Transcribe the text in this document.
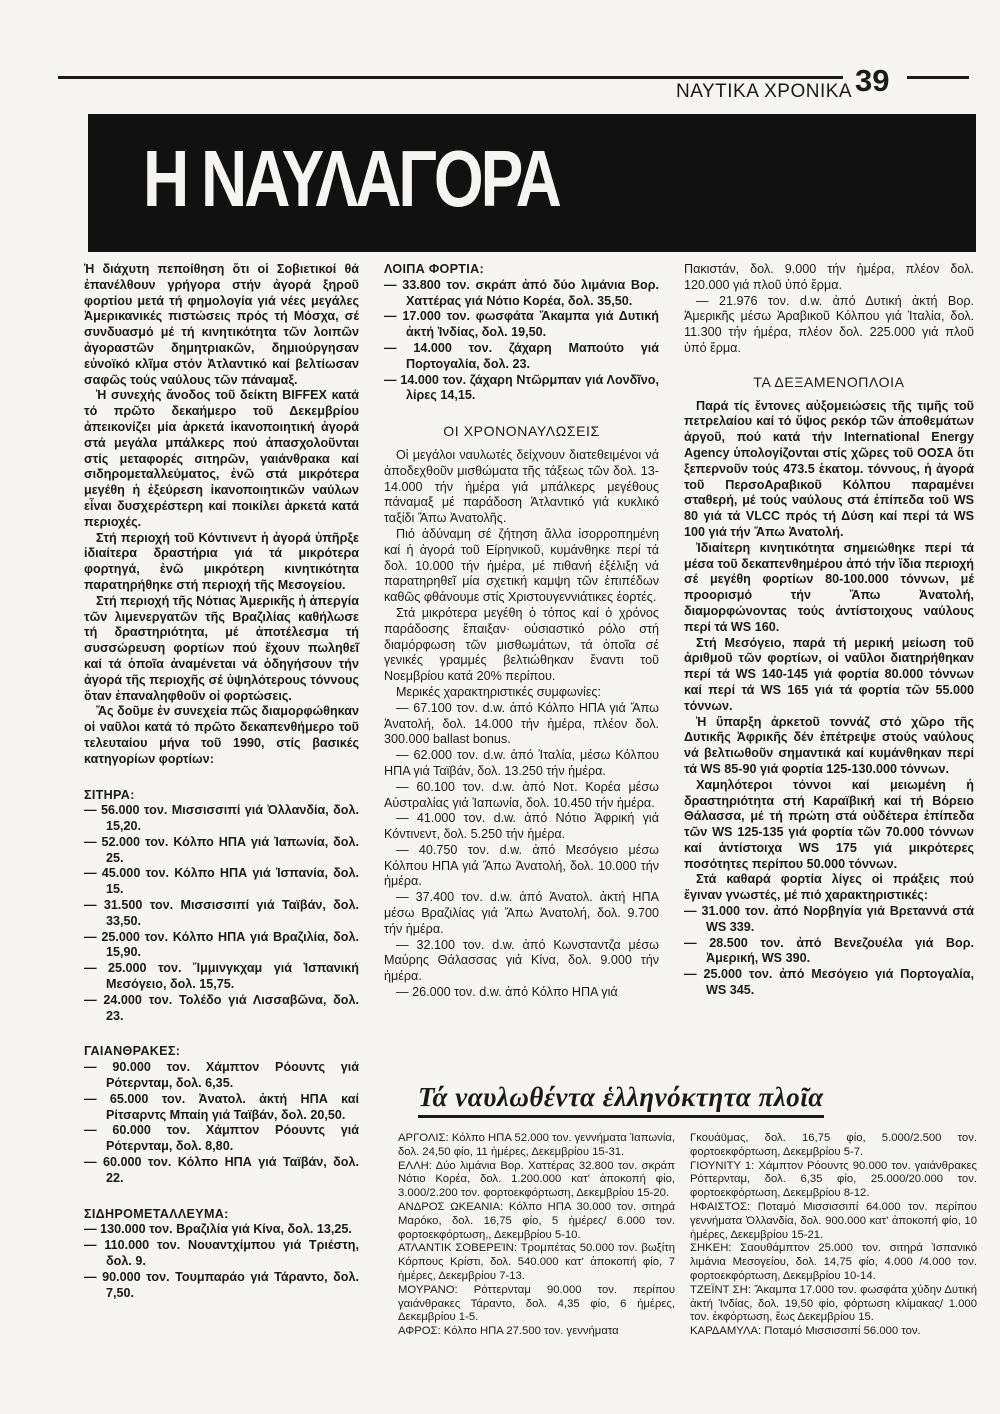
ΝΑΥΤΙΚΑ ΧΡΟΝΙΚΑ 39
Η ΝΑΥΛΑΓΟΡΑ

Ἡ διάχυτη πεποίθηση ὅτι οἱ Σοβιετικοί θά ἐπανέλθουν γρήγορα στήν ἀγορά ξηροῦ φορτίου μετά τή φημολογία γιά νέες μεγάλες Ἀμερικανικές πιστώσεις πρός τή Μόσχα, σέ συνδυασμό μέ τή κινητικότητα τῶν λοιπῶν ἀγοραστῶν δημητριακῶν, δημιούργησαν εὐνοϊκό κλῖμα στόν Ἀτλαντικό καί βελτίωσαν σαφῶς τούς ναύλους τῶν πάναμαξ.

Ἡ συνεχής ἄνοδος τοῦ δείκτη BIFFEX κατά τό πρῶτο δεκαήμερο τοῦ Δεκεμβρίου ἀπεικονίζει μία ἀρκετά ἱκανοποιητική ἀγορά στά μεγάλα μπάλκερς πού ἀπασχολοῦνται στίς μεταφορές σιτηρῶν, γαιάνθρακα καί σιδηρομεταλλεύματος, ἐνῶ στά μικρότερα μεγέθη ἡ ἐξεύρεση ἱκανοποιητικῶν ναύλων εἶναι δυσχερέστερη καί ποικίλει ἀρκετά κατά περιοχές.

Στή περιοχή τοῦ Κόντινεντ ἡ ἀγορά ὑπῆρξε ἰδιαίτερα δραστήρια γιά τά μικρότερα φορτηγά, ἐνῶ μικρότερη κινητικότητα παρατηρήθηκε στή περιοχή τῆς Μεσογείου.

Στή περιοχή τῆς Νότιας Ἀμερικῆς ἡ ἀπεργία τῶν λιμενεργατῶν τῆς Βραζιλίας καθήλωσε τή δραστηριότητα, μέ ἀποτέλεσμα τή συσσώρευση φορτίων πού ἔχουν πωληθεῖ καί τά ὁποῖα ἀναμένεται νά ὁδηγήσουν τήν ἀγορά τῆς περιοχῆς σέ ὑψηλότερους τόννους ὅταν ἐπαναληφθοῦν οἱ φορτώσεις.

Ἄς δοῦμε ἐν συνεχεία πῶς διαμορφώθηκαν οἱ ναῦλοι κατά τό πρῶτο δεκαπενθήμερο τοῦ τελευταίου μήνα τοῦ 1990, στίς βασικές κατηγορίων φορτίων:

ΣΙΤΗΡΑ:

— 56.000 τον. Μισσισσιπί γιά Ὀλλανδία, δολ. 15,20.

— 52.000 τον. Κόλπο ΗΠΑ γιά Ἰαπωνία, δολ. 25.

— 45.000 τον. Κόλπο ΗΠΑ γιά Ἰσπανία, δολ. 15.

— 31.500 τον. Μισσισσιπί γιά Ταϊβάν, δολ. 33,50.

— 25.000 τον. Κόλπο ΗΠΑ γιά Βραζιλία, δολ. 15,90.

— 25.000 τον. Ἴμμινγκχαμ γιά Ἰσπανική Μεσόγειο, δολ. 15,75.

— 24.000 τον. Τολέδο γιά Λισσαβῶνα, δολ. 23.

ΓΑΙΑΝΘΡΑΚΕΣ:

— 90.000 τον. Χάμπτον Ρόουντς γιά Ρότερνταμ, δολ. 6,35.

— 65.000 τον. Ἀνατολ. ἀκτή ΗΠΑ καί Ρίτσαρντς Μπαίη γιά Ταϊβάν, δολ. 20,50.

— 60.000 τον. Χάμπτον Ρόουντς γιά Ρότερνταμ, δολ. 8,80.

— 60.000 τον. Κόλπο ΗΠΑ γιά Ταϊβάν, δολ. 22.

ΣΙΔΗΡΟΜΕΤΑΛΛΕΥΜΑ:

— 130.000 τον. Βραζιλία γιά Κίνα, δολ. 13,25.

— 110.000 τον. Νουαντχίμπου γιά Τριέστη, δολ. 9.

— 90.000 τον. Τουμπαράο γιά Τάραντο, δολ. 7,50.

ΛΟΙΠΑ ΦΟΡΤΙΑ:

— 33.800 τον. σκράπ ἀπό δύο λιμάνια Βορ. Χαττέρας γιά Νότιο Κορέα, δολ. 35,50.

— 17.000 τον. φωσφάτα Ἄκαμπα γιά Δυτική ἀκτή Ἰνδίας, δολ. 19,50.

— 14.000 τον. ζάχαρη Μαπούτο γιά Πορτογαλία, δολ. 23.

— 14.000 τον. ζάχαρη Ντῶρμπαν γιά Λονδῖνο, λίρες 14,15.

ΟΙ ΧΡΟΝΟΝΑΥΛΩΣΕΙΣ

Οἱ μεγάλοι ναυλωτές δείχνουν διατεθειμένοι νά ἀποδεχθοῦν μισθώματα τῆς τάξεως τῶν δολ. 13-14.000 τήν ἡμέρα γιά μπάλκερς μεγέθους πάναμαξ μέ παράδοση Ἀτλαντικό γιά κυκλικό ταξίδι Ἄπω Ἀνατολῆς.

Πιό ἀδύναμη σέ ζήτηση ἄλλα ἰσορροπημένη καί ἡ ἀγορά τοῦ Είρηνικοῦ, κυμάνθηκε περί τά δολ. 10.000 τήν ἡμέρα, μέ πιθανή ἐξέλιξη νά παρατηρηθεῖ μία σχετική καμψη τῶν ἐπιπέδων καθῶς φθάνουμε στίς Χριστουγεννιάτικες ἑορτές.

Στά μικρότερα μεγέθη ὁ τόπος καί ὁ χρόνος παράδοσης ἔπαιξαν· οὐσιαστικό ρόλο στή διαμόρφωση τῶν μισθωμάτων, τά ὁποῖα σέ γενικές γραμμές βελτιώθηκαν ἔναντι τοῦ Νοεμβρίου κατά 20% περίπου.

Μερικές χαρακτηριστικές συμφωνίες:

— 67.100 τον. d.w. ἀπό Κόλπο ΗΠΑ γιά Ἄπω Ἀνατολή, δολ. 14.000 τήν ἡμέρα, πλέον δολ. 300.000 ballast bonus.

— 62.000 τον. d.w. ἀπό Ἰταλία, μέσω Κόλπου ΗΠΑ γιά Ταϊβάν, δολ. 13.250 τήν ἡμέρα.

— 60.100 τον. d.w. ἀπό Νοτ. Κορέα μέσω Αὐστραλίας γιά Ἰαπωνία, δολ. 10.450 τήν ἡμέρα.

— 41.000 τον. d.w. ἀπό Νότιο Ἀφρική γιά Κόντινεντ, δολ. 5.250 τήν ἡμέρα.

— 40.750 τον. d.w. ἀπό Μεσόγειο μέσω Κόλπου ΗΠΑ γιά Ἄπω Ἀνατολή, δολ. 10.000 τήν ἡμέρα.

— 37.400 τον. d.w. ἀπό Ἀνατολ. ἀκτή ΗΠΑ μέσω Βραζιλίας γιά Ἄπω Ἀνατολή, δολ. 9.700 τήν ἡμέρα.

— 32.100 τον. d.w. ἀπό Κωνσταντζα μέσω Μαύρης Θάλασσας γιά Κίνα, δολ. 9.000 τήν ἡμέρα.

— 26.000 τον. d.w. ἀπό Κόλπο ΗΠΑ γιά

Πακιστάν, δολ. 9.000 τήν ἡμέρα, πλέον δολ. 120.000 γιά πλοῦ ὑπό ἔρμα.

— 21.976 τον. d.w. ἀπό Δυτική ἀκτή Βορ. Ἀμερικῆς μέσω Ἀραβικοῦ Κόλπου γιά Ἰταλία, δολ. 11.300 τήν ἡμέρα, πλέον δολ. 225.000 γιά πλοῦ ὑπό ἔρμα.

ΤΑ ΔΕΞΑΜΕΝΟΠΛΟΙΑ

Παρά τίς ἔντονες αὐξομειώσεις τῆς τιμῆς τοῦ πετρελαίου καί τό ὕψος ρεκόρ τῶν ἀποθεμάτων ἀργοῦ, πού κατά τήν International Energy Agency ὑπολογίζονται στίς χῶρες τοῦ ΟΟΣΑ ὅτι ξεπερνοῦν τούς 473.5 ἑκατομ. τόννους, ἡ ἀγορά τοῦ ΠερσοΑραβικοῦ Κόλπου παραμένει σταθερή, μέ τούς ναύλους στά ἐπίπεδα τοῦ WS 80 γιά τά VLCC πρός τή Δύση καί περί τά WS 100 γιά τήν Ἄπω Ἀνατολή.

Ἰδιαίτερη κινητικότητα σημειώθηκε περί τά μέσα τοῦ δεκαπενθημέρου ἀπό τήν ἴδια περιοχή σέ μεγέθη φορτίων 80-100.000 τόννων, μέ προορισμό τήν Ἄπω Ἀνατολή, διαμορφώνοντας τούς ἀντίστοιχους ναύλους περί τά WS 160.

Στή Μεσόγειο, παρά τή μερική μείωση τοῦ ἀριθμοῦ τῶν φορτίων, οἱ ναῦλοι διατηρήθηκαν περί τά WS 140-145 γιά φορτία 80.000 τόννων καί περί τά WS 165 γιά τά φορτία τῶν 55.000 τόννων.

Ἡ ὕπαρξη ἀρκετοῦ τοννάζ στό χῶρο τῆς Δυτικῆς Ἀφρικῆς δέν ἐπέτρεψε στούς ναύλους νά βελτιωθοῦν σημαντικά καί κυμάνθηκαν περί τά WS 85-90 γιά φορτία 125-130.000 τόννων.

Χαμηλότεροι τόννοι καί μειωμένη ἡ δραστηριότητα στή Καραϊβική καί τή Βόρειο Θάλασσα, μέ τή πρώτη στά οὐδέτερα ἐπίπεδα τῶν WS 125-135 γιά φορτία τῶν 70.000 τόννων καί ἀντίστοιχα WS 175 γιά μικρότερες ποσότητες περίπου 50.000 τόννων.

Στά καθαρά φορτία λίγες οἱ πράξεις πού ἔγιναν γνωστές, μέ πιό χαρακτηριστικές:

— 31.000 τον. ἀπό Νορβηγία γιά Βρεταννά στά WS 339.

— 28.500 τον. ἀπό Βενεζουέλα γιά Βορ. Ἀμερική, WS 390.

— 25.000 τον. ἀπό Μεσόγειο γιά Πορτογαλία, WS 345.

Τά ναυλωθέντα ἑλληνόκτητα πλοῖα

ΑΡΓΟΛΙΣ: Κόλπο ΗΠΑ 52.000 τον. γεννήματα Ἰαπωνία, δολ. 24,50 φίο, 11 ἡμέρες, Δεκεμβρίου 15-31.

ΕΛΛΗ: Δύο λιμάνια Βορ. Χαττέρας 32.800 τον. σκράπ Νότιο Κορέα, δολ. 1.200.000 κατ' ἀποκοπή φίο, 3.000/2.200 τον. φορτοεκφόρτωση, Δεκεμβρίου 15-20.

ΑΝΔΡΟΣ ΩΚΕΑΝΙΑ: Κόλπο ΗΠΑ 30.000 τον. σιτηρά Μαρόκο, δολ. 16,75 φίο, 5 ἡμέρες/ 6.000 τον. φορτοεκφόρτωση,, Δεκεμβρίου 5-10.

ΑΤΛΑΝΤΙΚ ΣΟΒΕΡΕΊΝ: Τρομπέτας 50.000 τον. βωξίτη Κόρπους Κρίστι, δολ. 540.000 κατ' ἀποκοπή φίο, 7 ἡμέρες, Δεκεμβρίου 7-13.

ΜΟΥΡΑΝΟ: Ρόττερνταμ 90.000 τον. περίπου γαιάνθρακες Τάραντο, δολ. 4,35 φίο, 6 ἡμέρες, Δεκεμβρίου 1-5.

ΑΦΡΟΣ: Κόλπο ΗΠΑ 27.500 τον. γεννήματα

Γκουάϋμας, δολ. 16,75 φίο, 5.000/2.500 τον. φορτοεκφόρτωση, Δεκεμβρίου 5-7.

ΓΙΟΥΝΙΤΥ 1: Χάμπτον Ρόουντς 90.000 τον. γαιάνθρακες Ρόττερνταμ, δολ. 6,35 φίο, 25.000/20.000 τον. φορτοεκφόρτωση, Δεκεμβρίου 8-12.

ΗΦΑΙΣΤΟΣ: Ποταμό Μισσισσιπί 64.000 τον. περίπου γεννήματα Ὀλλανδία, δολ. 900.000 κατ' ἀποκοπή φίο, 10 ἡμέρες, Δεκεμβρίου 15-21.

ΣΗΚΕΗ: Σαουθάμπτον 25.000 τον. σιτηρά Ἰσπανικό λιμάνια Μεσογείου, δολ. 14,75 φίο, 4.000 /4.000 τον. φορτοεκφόρτωση, Δεκεμβρίου 10-14.

ΤΖΕΪΝΤ ΣΗ: Ἄκαμπα 17.000 τον. φωσφάτα χύδην Δυτική ἀκτή Ἰνδίας, δολ. 19,50 φίο, φόρτωση κλίμακας/ 1.000 τον. ἐκφόρτωση, ἕως Δεκεμβρίου 15.

ΚΑΡΔΑΜΥΛΑ: Ποταμό Μισσισσιπί 56.000 τον.
